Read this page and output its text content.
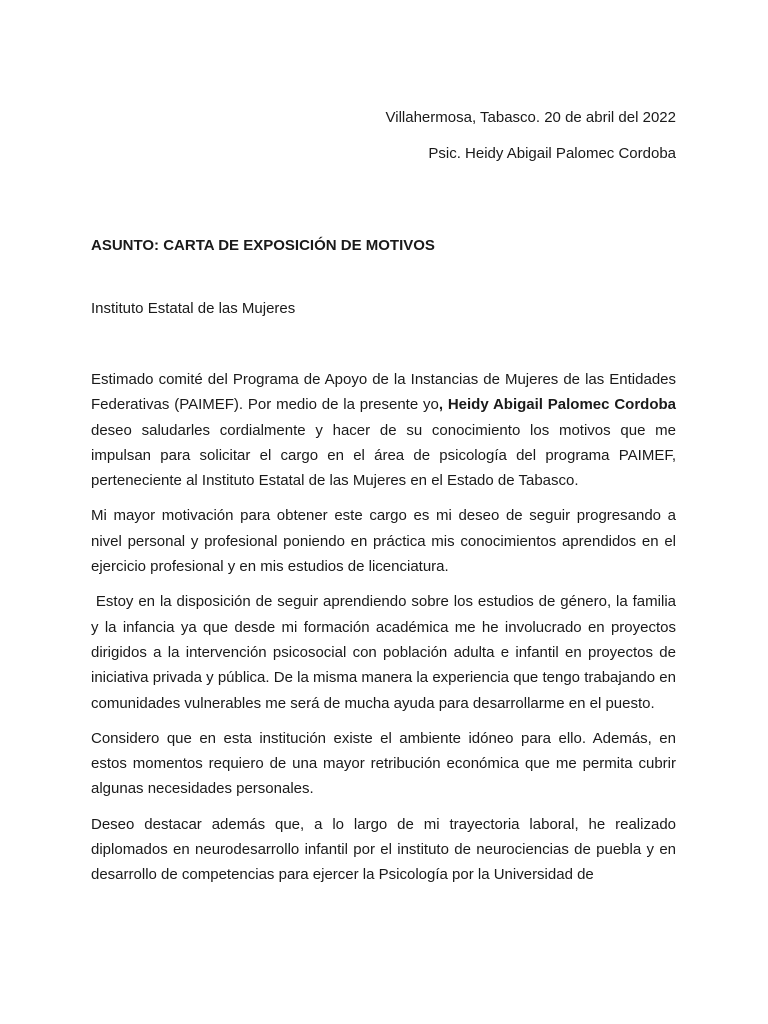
Villahermosa, Tabasco. 20 de abril del 2022

Psic. Heidy Abigail Palomec Cordoba

ASUNTO: CARTA DE EXPOSICIÓN DE MOTIVOS

Instituto Estatal de las Mujeres

Estimado comité del Programa de Apoyo de la Instancias de Mujeres de las Entidades Federativas (PAIMEF). Por medio de la presente yo, Heidy Abigail Palomec Cordoba deseo saludarles cordialmente y hacer de su conocimiento los motivos que me impulsan para solicitar el cargo en el área de psicología del programa PAIMEF, perteneciente al Instituto Estatal de las Mujeres en el Estado de Tabasco.

Mi mayor motivación para obtener este cargo es mi deseo de seguir progresando a nivel personal y profesional poniendo en práctica mis conocimientos aprendidos en el ejercicio profesional y en mis estudios de licenciatura.

Estoy en la disposición de seguir aprendiendo sobre los estudios de género, la familia y la infancia ya que desde mi formación académica me he involucrado en proyectos dirigidos a la intervención psicosocial con población adulta e infantil en proyectos de iniciativa privada y pública. De la misma manera la experiencia que tengo trabajando en comunidades vulnerables me será de mucha ayuda para desarrollarme en el puesto.

Considero que en esta institución existe el ambiente idóneo para ello. Además, en estos momentos requiero de una mayor retribución económica que me permita cubrir algunas necesidades personales.

Deseo destacar además que, a lo largo de mi trayectoria laboral, he realizado diplomados en neurodesarrollo infantil por el instituto de neurociencias de puebla y en desarrollo de competencias para ejercer la Psicología por la Universidad de
